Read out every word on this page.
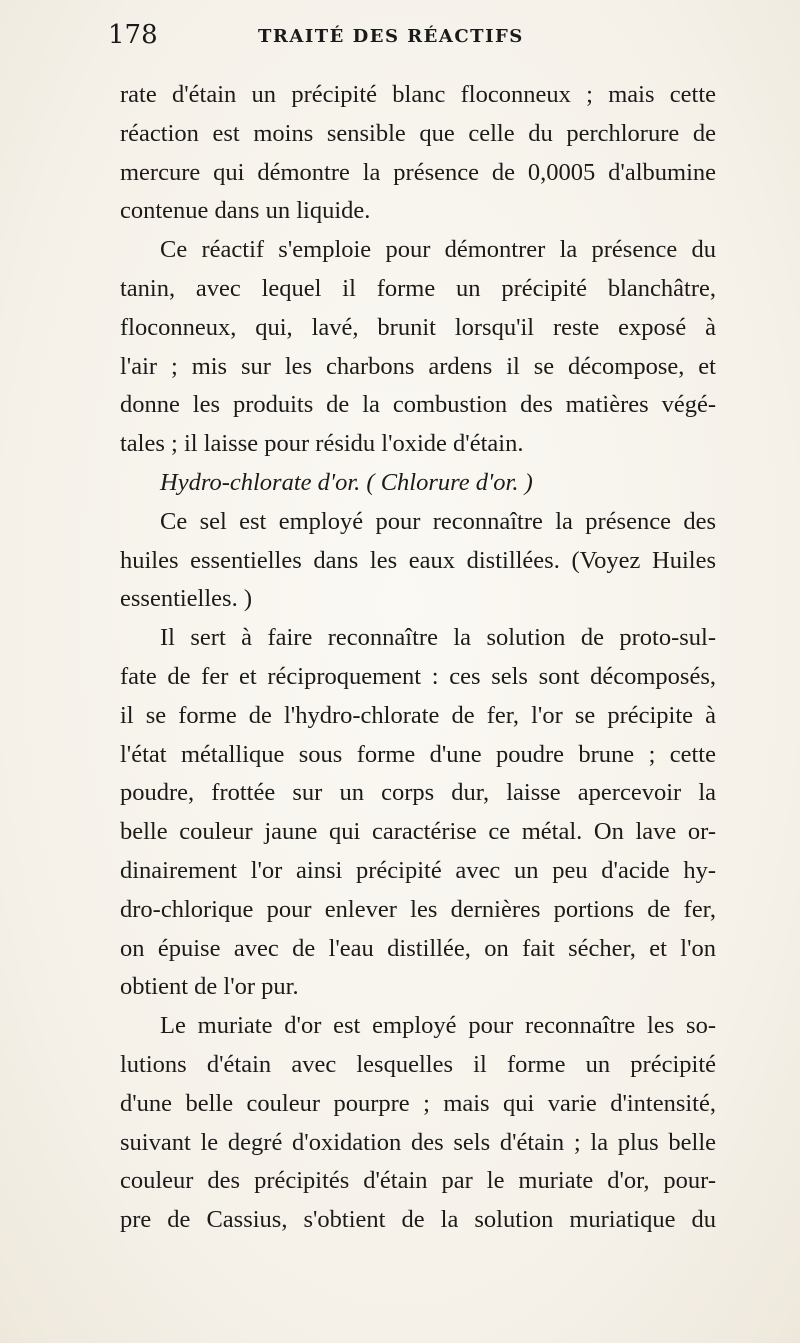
178	TRAITÉ DES RÉACTIFS
rate d'étain un précipité blanc floconneux ; mais cette
réaction est moins sensible que celle du perchlorure de
mercure qui démontre la présence de 0,0005 d'albumine
contenue dans un liquide.
Ce réactif s'emploie pour démontrer la présence du
tanin, avec lequel il forme un précipité blanchâtre,
floconneux, qui, lavé, brunit lorsqu'il reste exposé à
l'air ; mis sur les charbons ardens il se décompose, et
donne les produits de la combustion des matières végé-
tales ; il laisse pour résidu l'oxide d'étain.
Hydro-chlorate d'or. ( Chlorure d'or. )
Ce sel est employé pour reconnaître la présence des
huiles essentielles dans les eaux distillées. (Voyez Huiles
essentielles. )
Il sert à faire reconnaître la solution de proto-sul-
fate de fer et réciproquement : ces sels sont décomposés,
il se forme de l'hydro-chlorate de fer, l'or se précipite à
l'état métallique sous forme d'une poudre brune ; cette
poudre, frottée sur un corps dur, laisse apercevoir la
belle couleur jaune qui caractérise ce métal. On lave or-
dinairement l'or ainsi précipité avec un peu d'acide hy-
dro-chlorique pour enlever les dernières portions de fer,
on épuise avec de l'eau distillée, on fait sécher, et l'on
obtient de l'or pur.
Le muriate d'or est employé pour reconnaître les so-
lutions d'étain avec lesquelles il forme un précipité
d'une belle couleur pourpre ; mais qui varie d'intensité,
suivant le degré d'oxidation des sels d'étain ; la plus belle
couleur des précipités d'étain par le muriate d'or, pour-
pre de Cassius, s'obtient de la solution muriatique du
